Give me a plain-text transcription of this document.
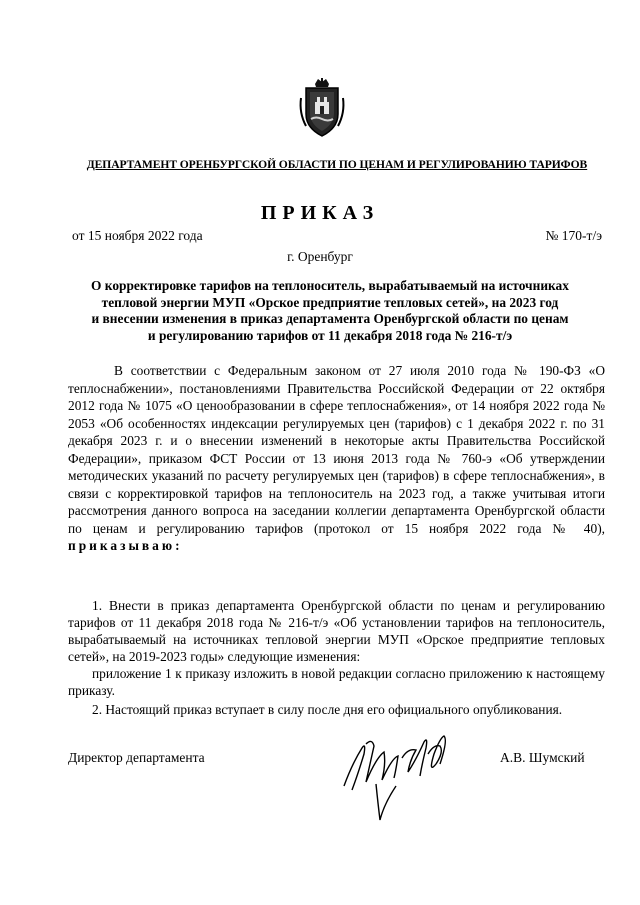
ДЕПАРТАМЕНТ ОРЕНБУРГСКОЙ ОБЛАСТИ ПО ЦЕНАМ И РЕГУЛИРОВАНИЮ ТАРИФОВ
ПРИКАЗ
от 15 ноября 2022 года	№ 170-т/э
г. Оренбург
О корректировке тарифов на теплоноситель, вырабатываемый на источниках
тепловой энергии МУП «Орское предприятие тепловых сетей», на 2023 год
и внесении изменения в приказ департамента Оренбургской области по ценам
и регулированию тарифов от 11 декабря 2018 года № 216-т/э
В соответствии с Федеральным законом от 27 июля 2010 года № 190-ФЗ «О теплоснабжении», постановлениями Правительства Российской Федерации от 22 октября 2012 года № 1075 «О ценообразовании в сфере теплоснабжения», от 14 ноября 2022 года № 2053 «Об особенностях индексации регулируемых цен (тарифов) с 1 декабря 2022 г. по 31 декабря 2023 г. и о внесении изменений в некоторые акты Правительства Российской Федерации», приказом ФСТ России от 13 июня 2013 года № 760-э «Об утверждении методических указаний по расчету регулируемых цен (тарифов) в сфере теплоснабжения», в связи с корректировкой тарифов на теплоноситель на 2023 год, а также учитывая итоги рассмотрения данного вопроса на заседании коллегии департамента Оренбургской области по ценам и регулированию тарифов (протокол от 15 ноября 2022 года № 40), приказываю:

1. Внести в приказ департамента Оренбургской области по ценам и регулированию тарифов от 11 декабря 2018 года № 216-т/э «Об установлении тарифов на теплоноситель, вырабатываемый на источниках тепловой энергии МУП «Орское предприятие тепловых сетей», на 2019-2023 годы» следующие изменения:

приложение 1 к приказу изложить в новой редакции согласно приложению к настоящему приказу.

2. Настоящий приказ вступает в силу после дня его официального опубликования.

Директор департамента	А.В. Шумский
